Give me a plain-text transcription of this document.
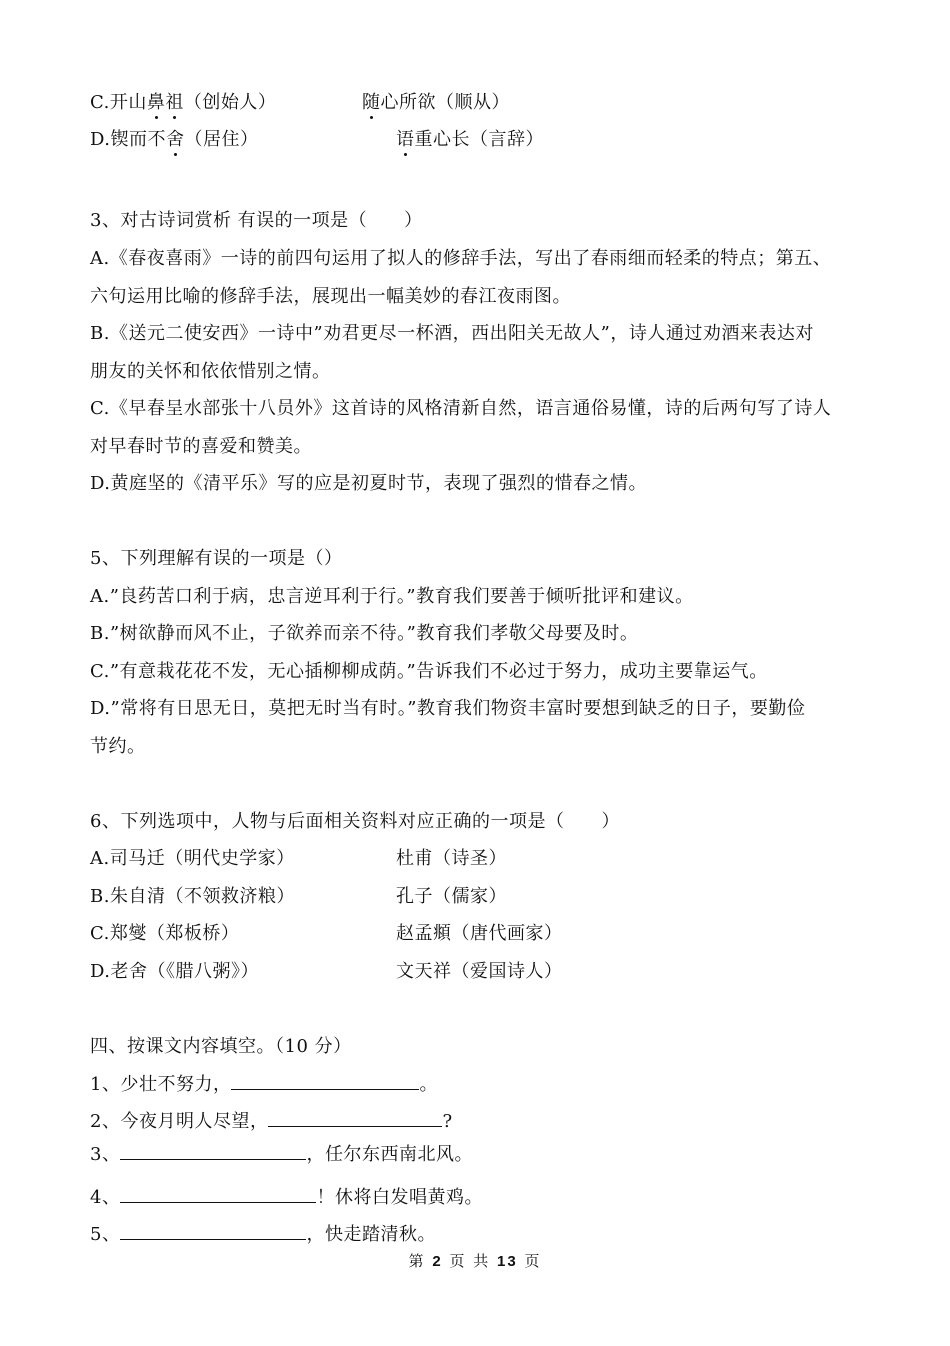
C.开山鼻祖（创始人）	随心所欲（顺从）
D.锲而不舍（居住）	语重心长（言辞）
3、对古诗词赏析 有误的一项是（　　）
A.《春夜喜雨》一诗的前四句运用了拟人的修辞手法，写出了春雨细而轻柔的特点；第五、
六句运用比喻的修辞手法，展现出一幅美妙的春江夜雨图。
B.《送元二使安西》一诗中”劝君更尽一杯酒，西出阳关无故人”，诗人通过劝酒来表达对
朋友的关怀和依依惜别之情。
C.《早春呈水部张十八员外》这首诗的风格清新自然，语言通俗易懂，诗的后两句写了诗人
对早春时节的喜爱和赞美。
D.黄庭坚的《清平乐》写的应是初夏时节，表现了强烈的惜春之情。
5、下列理解有误的一项是（）
A.”良药苦口利于病，忠言逆耳利于行。”教育我们要善于倾听批评和建议。
B.”树欲静而风不止，子欲养而亲不待。”教育我们孝敬父母要及时。
C.”有意栽花花不发，无心插柳柳成荫。”告诉我们不必过于努力，成功主要靠运气。
D.”常将有日思无日，莫把无时当有时。”教育我们物资丰富时要想到缺乏的日子，要勤俭
节约。
6、下列选项中，人物与后面相关资料对应正确的一项是（　　）
A.司马迁（明代史学家）	杜甫（诗圣）
B.朱自清（不领救济粮）	孔子（儒家）
C.郑燮（郑板桥）	赵孟頫（唐代画家）
D.老舍（《腊八粥》）	文天祥（爱国诗人）
四、按课文内容填空。（10 分）
1、少壮不努力，	。
2、今夜月明人尽望，	?
3、	，任尔东西南北风。
4、	！休将白发唱黄鸡。
5、	，快走踏清秋。
第 2 页 共 13 页
